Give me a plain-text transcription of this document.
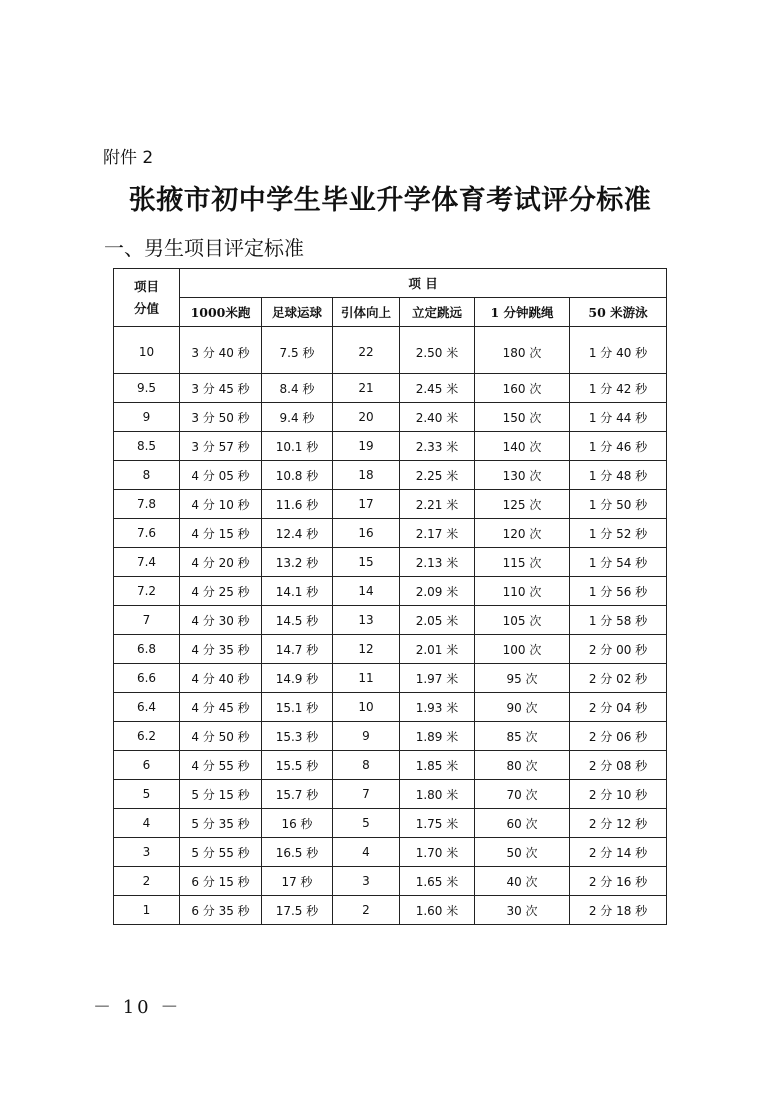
附件 2
张掖市初中学生毕业升学体育考试评分标准
一、男生项目评定标准
项目
分值	项 目					
	1000米跑	足球运球	引体向上	立定跳远	1 分钟跳绳	50 米游泳
10	3 分 40 秒	7.5 秒	22	2.50 米	180 次	1 分 40 秒
9.5	3 分 45 秒	8.4 秒	21	2.45 米	160 次	1 分 42 秒
9	3 分 50 秒	9.4 秒	20	2.40 米	150 次	1 分 44 秒
8.5	3 分 57 秒	10.1 秒	19	2.33 米	140 次	1 分 46 秒
8	4 分 05 秒	10.8 秒	18	2.25 米	130 次	1 分 48 秒
7.8	4 分 10 秒	11.6 秒	17	2.21 米	125 次	1 分 50 秒
7.6	4 分 15 秒	12.4 秒	16	2.17 米	120 次	1 分 52 秒
7.4	4 分 20 秒	13.2 秒	15	2.13 米	115 次	1 分 54 秒
7.2	4 分 25 秒	14.1 秒	14	2.09 米	110 次	1 分 56 秒
7	4 分 30 秒	14.5 秒	13	2.05 米	105 次	1 分 58 秒
6.8	4 分 35 秒	14.7 秒	12	2.01 米	100 次	2 分 00 秒
6.6	4 分 40 秒	14.9 秒	11	1.97 米	95 次	2 分 02 秒
6.4	4 分 45 秒	15.1 秒	10	1.93 米	90 次	2 分 04 秒
6.2	4 分 50 秒	15.3 秒	9	1.89 米	85 次	2 分 06 秒
6	4 分 55 秒	15.5 秒	8	1.85 米	80 次	2 分 08 秒
5	5 分 15 秒	15.7 秒	7	1.80 米	70 次	2 分 10 秒
4	5 分 35 秒	16 秒	5	1.75 米	60 次	2 分 12 秒
3	5 分 55 秒	16.5 秒	4	1.70 米	50 次	2 分 14 秒
2	6 分 15 秒	17 秒	3	1.65 米	40 次	2 分 16 秒
1	6 分 35 秒	17.5 秒	2	1.60 米	30 次	2 分 18 秒
－ 10 －
